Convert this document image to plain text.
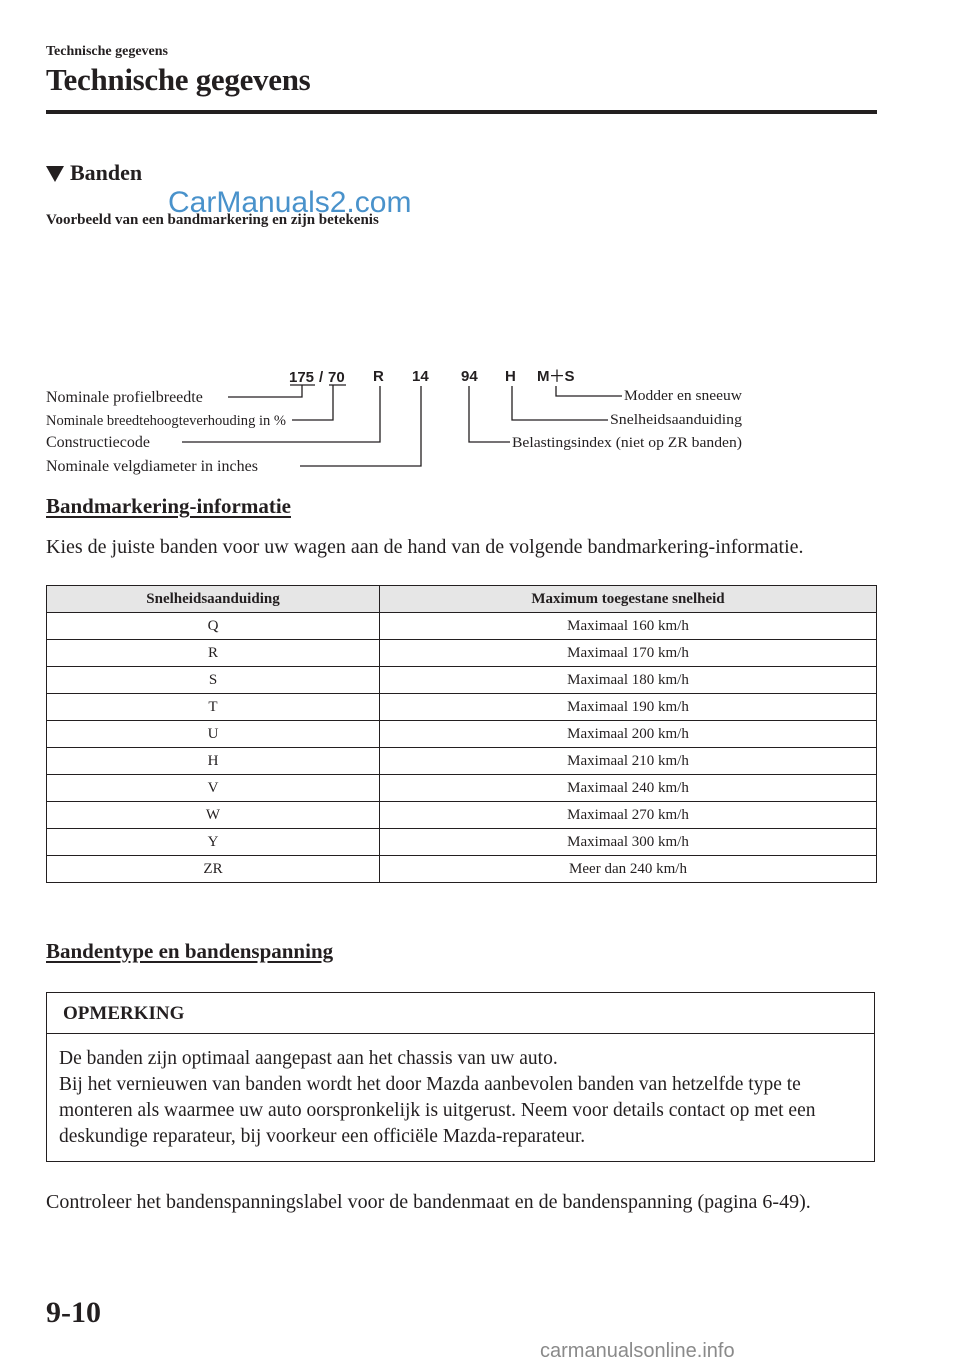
Technische gegevens
Technische gegevens
Banden
CarManuals2.com
Voorbeeld van een bandmarkering en zijn betekenis
175 / 70 R 14 94 H M＋S
Nominale profielbreedte
Nominale breedtehoogteverhouding in %
Constructiecode
Nominale velgdiameter in inches
Modder en sneeuw
Snelheidsaanduiding
Belastingsindex (niet op ZR banden)
Bandmarkering-informatie
Kies de juiste banden voor uw wagen aan de hand van de volgende bandmarkering-informatie.
Snelheidsaanduiding	Maximum toegestane snelheid
Q	Maximaal 160 km/h
R	Maximaal 170 km/h
S	Maximaal 180 km/h
T	Maximaal 190 km/h
U	Maximaal 200 km/h
H	Maximaal 210 km/h
V	Maximaal 240 km/h
W	Maximaal 270 km/h
Y	Maximaal 300 km/h
ZR	Meer dan 240 km/h
Bandentype en bandenspanning
OPMERKING

De banden zijn optimaal aangepast aan het chassis van uw auto.

Bij het vernieuwen van banden wordt het door Mazda aanbevolen banden van hetzelfde type te monteren als waarmee uw auto oorspronkelijk is uitgerust. Neem voor details contact op met een deskundige reparateur, bij voorkeur een officiële Mazda-reparateur.

Controleer het bandenspanningslabel voor de bandenmaat en de bandenspanning (pagina 6-49).
9-10
carmanualsonline.info
